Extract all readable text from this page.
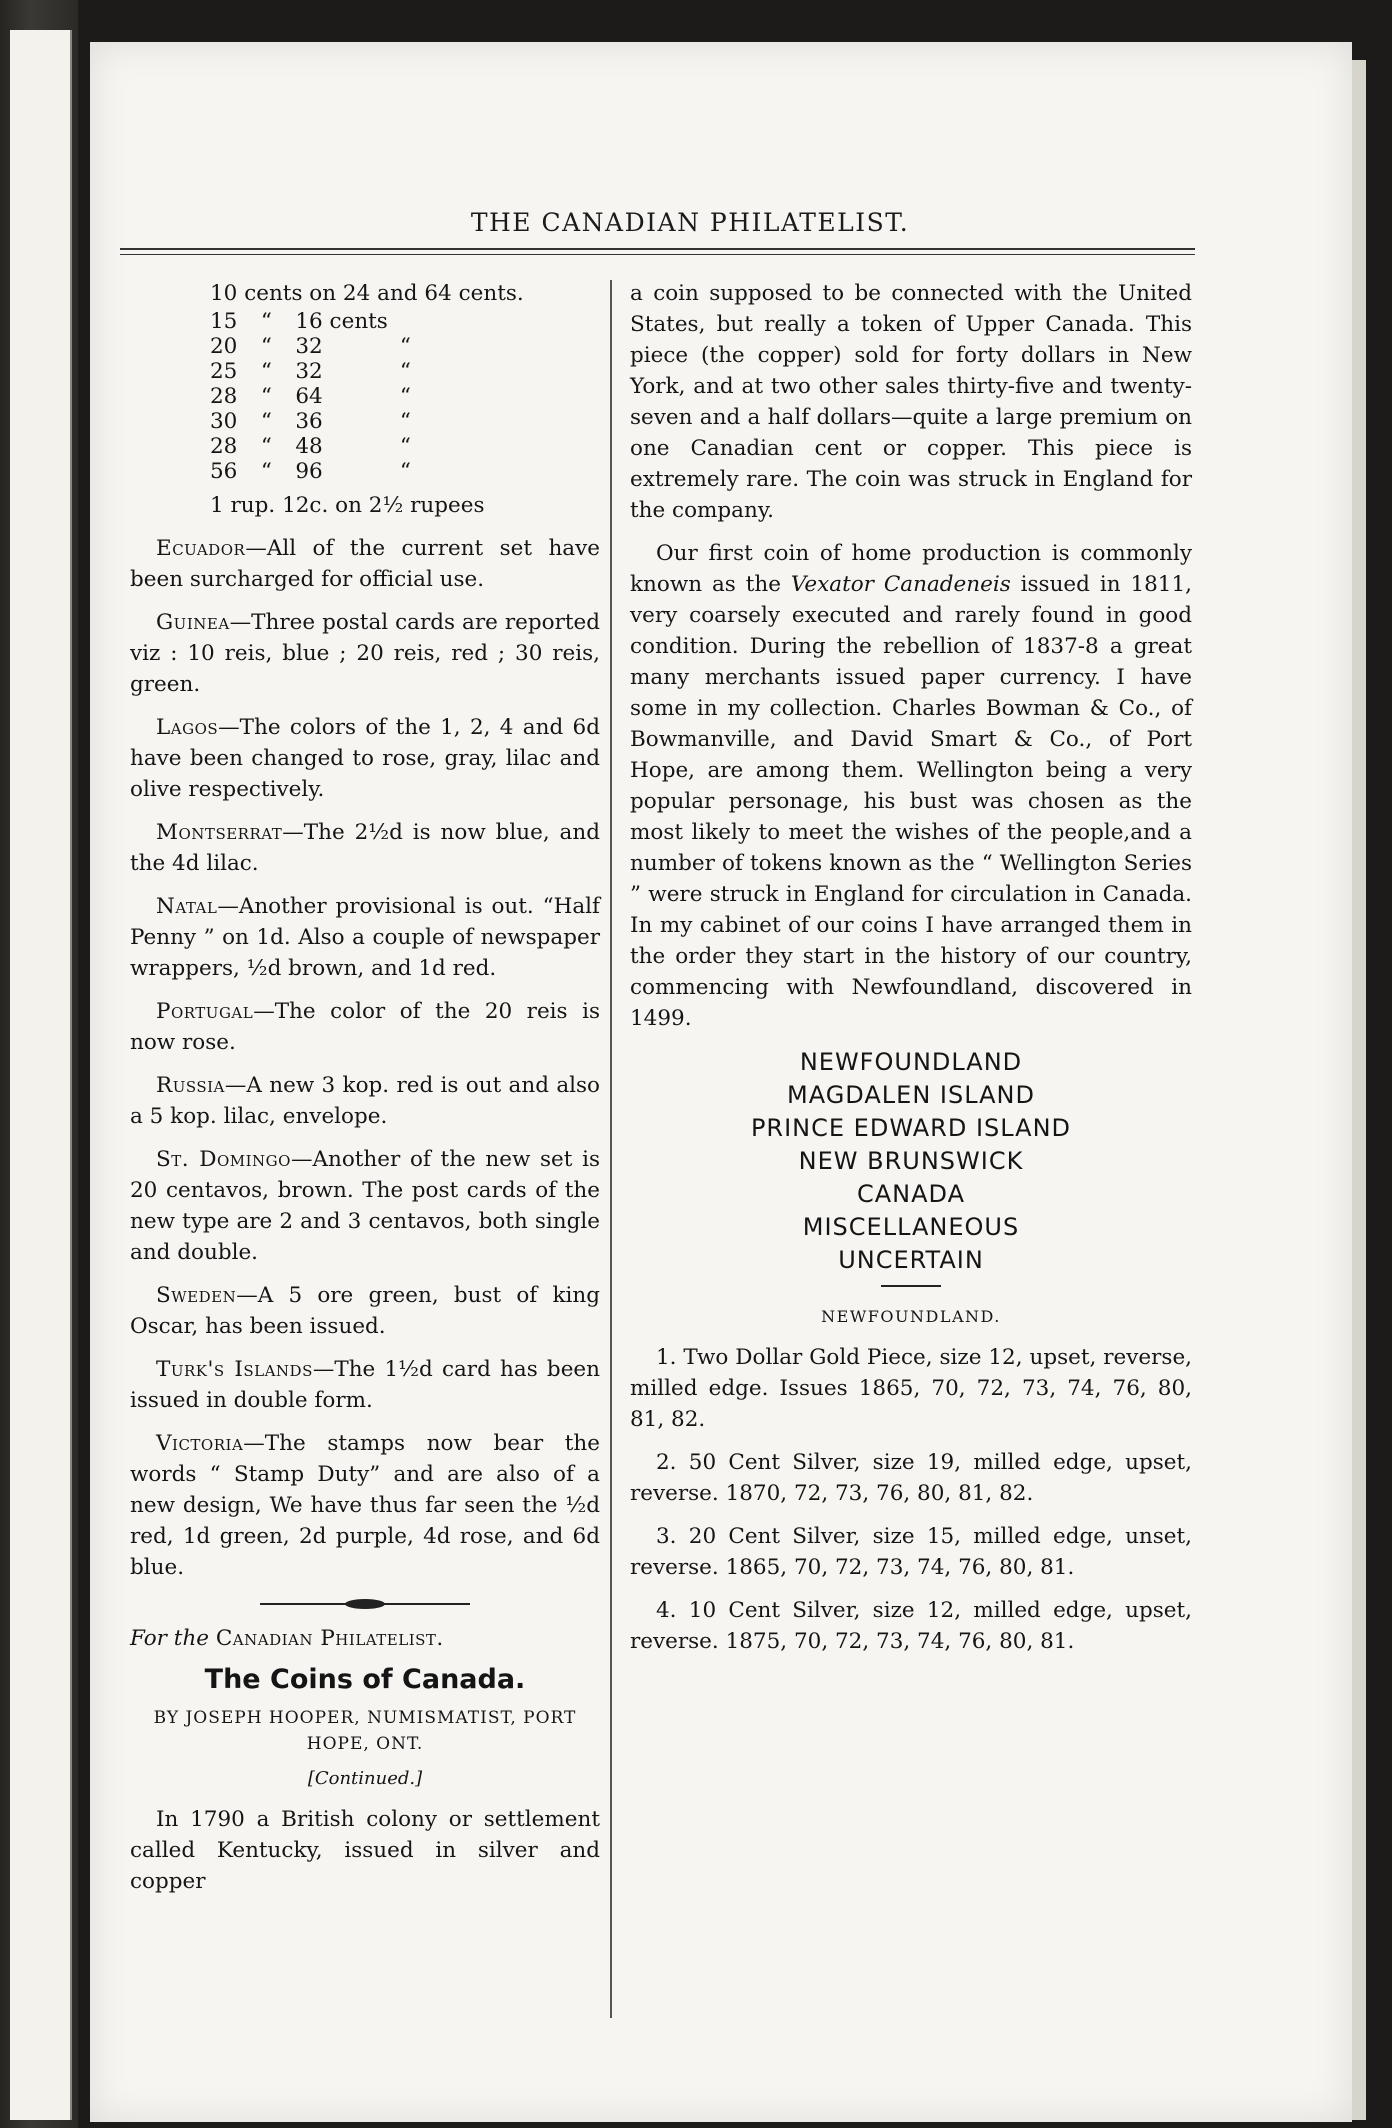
THE CANADIAN PHILATELIST.
10 cents on 24 and 64 cents.
15	“	16 cents	
20	“	32	“
25	“	32	“
28	“	64	“
30	“	36	“
28	“	48	“
56	“	96	“
1 rup. 12c. on 2½ rupees

Ecuador—All of the current set have been surcharged for official use.

Guinea—Three postal cards are reported viz : 10 reis, blue ; 20 reis, red ; 30 reis, green.

Lagos—The colors of the 1, 2, 4 and 6d have been changed to rose, gray, lilac and olive respectively.

Montserrat—The 2½d is now blue, and the 4d lilac.

Natal—Another provisional is out. “Half Penny ” on 1d. Also a couple of newspaper wrappers, ½d brown, and 1d red.

Portugal—The color of the 20 reis is now rose.

Russia—A new 3 kop. red is out and also a 5 kop. lilac, envelope.

St. Domingo—Another of the new set is 20 centavos, brown. The post cards of the new type are 2 and 3 centavos, both single and double.

Sweden—A 5 ore green, bust of king Oscar, has been issued.

Turk's Islands—The 1½d card has been issued in double form.

Victoria—The stamps now bear the words “ Stamp Duty” and are also of a new design, We have thus far seen the ½d red, 1d green, 2d purple, 4d rose, and 6d blue.

For the Canadian Philatelist.
The Coins of Canada.
BY JOSEPH HOOPER, NUMISMATIST, PORT HOPE, ONT.
[Continued.]

In 1790 a British colony or settlement called Kentucky, issued in silver and copper

a coin supposed to be connected with the United States, but really a token of Upper Canada. This piece (the copper) sold for forty dollars in New York, and at two other sales thirty-five and twenty-seven and a half dollars—quite a large premium on one Canadian cent or copper. This piece is extremely rare. The coin was struck in England for the company.

Our first coin of home production is commonly known as the Vexator Canadeneis issued in 1811, very coarsely executed and rarely found in good condition. During the rebellion of 1837-8 a great many merchants issued paper currency. I have some in my collection. Charles Bowman & Co., of Bowmanville, and David Smart & Co., of Port Hope, are among them. Wellington being a very popular personage, his bust was chosen as the most likely to meet the wishes of the people,and a number of tokens known as the “ Wellington Series ” were struck in England for circulation in Canada. In my cabinet of our coins I have arranged them in the order they start in the history of our country, commencing with Newfoundland, discovered in 1499.

NEWFOUNDLAND
MAGDALEN ISLAND
PRINCE EDWARD ISLAND
NEW BRUNSWICK
CANADA
MISCELLANEOUS
UNCERTAIN
NEWFOUNDLAND.

1. Two Dollar Gold Piece, size 12, upset, reverse, milled edge. Issues 1865, 70, 72, 73, 74, 76, 80, 81, 82.

2. 50 Cent Silver, size 19, milled edge, upset, reverse. 1870, 72, 73, 76, 80, 81, 82.

3. 20 Cent Silver, size 15, milled edge, unset, reverse. 1865, 70, 72, 73, 74, 76, 80, 81.

4. 10 Cent Silver, size 12, milled edge, upset, reverse. 1875, 70, 72, 73, 74, 76, 80, 81.
